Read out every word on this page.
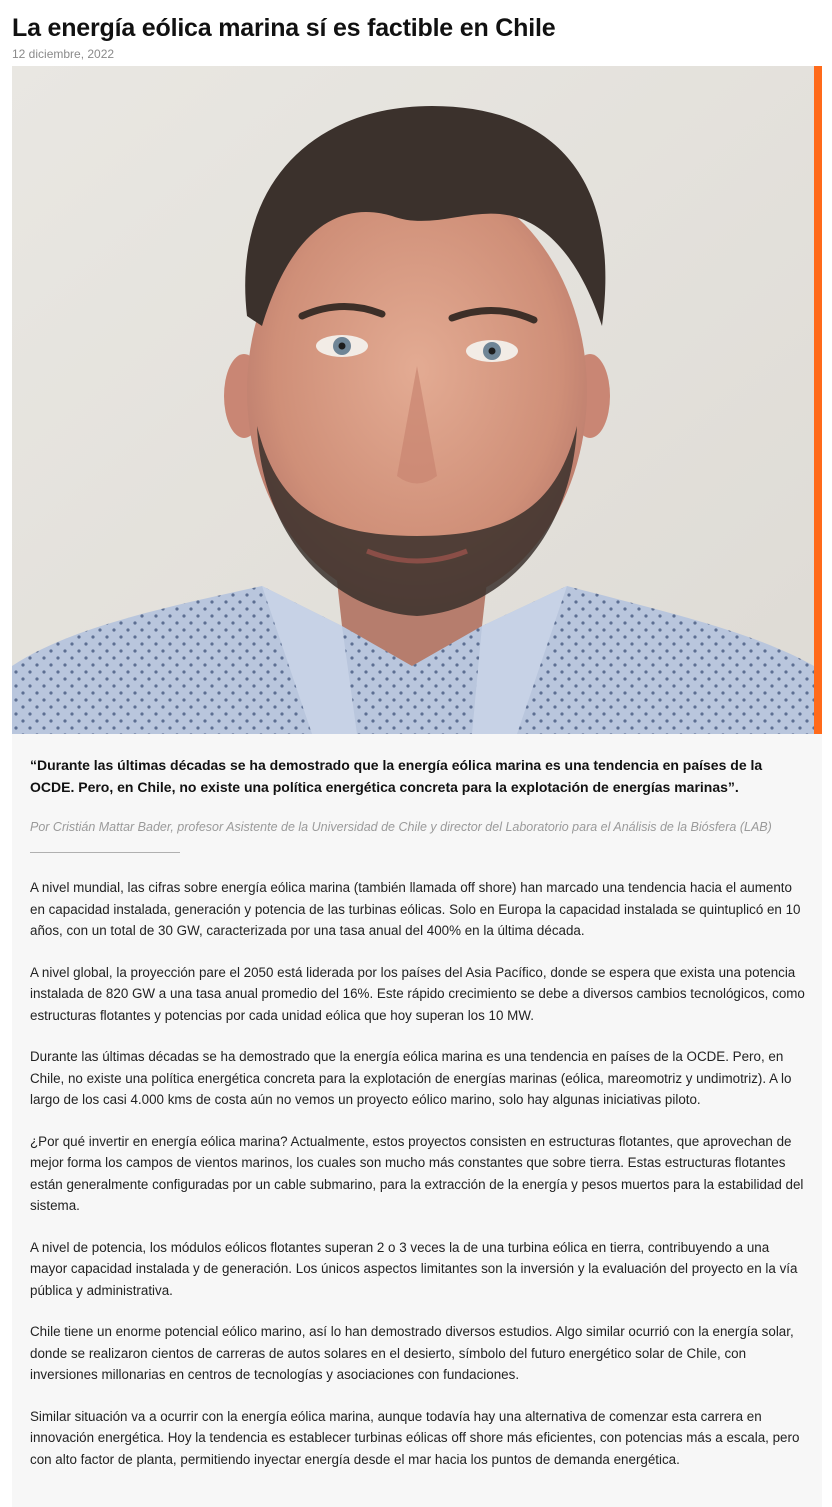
La energía eólica marina sí es factible en Chile
12 diciembre, 2022

“Durante las últimas décadas se ha demostrado que la energía eólica marina es una tendencia en países de la OCDE. Pero, en Chile, no existe una política energética concreta para la explotación de energías marinas”.

Por Cristián Mattar Bader, profesor Asistente de la Universidad de Chile y director del Laboratorio para el Análisis de la Biósfera (LAB)

A nivel mundial, las cifras sobre energía eólica marina (también llamada off shore) han marcado una tendencia hacia el aumento en capacidad instalada, generación y potencia de las turbinas eólicas. Solo en Europa la capacidad instalada se quintuplicó en 10 años, con un total de 30 GW, caracterizada por una tasa anual del 400% en la última década.

A nivel global, la proyección pare el 2050 está liderada por los países del Asia Pacífico, donde se espera que exista una potencia instalada de 820 GW a una tasa anual promedio del 16%. Este rápido crecimiento se debe a diversos cambios tecnológicos, como estructuras flotantes y potencias por cada unidad eólica que hoy superan los 10 MW.

Durante las últimas décadas se ha demostrado que la energía eólica marina es una tendencia en países de la OCDE. Pero, en Chile, no existe una política energética concreta para la explotación de energías marinas (eólica, mareomotriz y undimotriz). A lo largo de los casi 4.000 kms de costa aún no vemos un proyecto eólico marino, solo hay algunas iniciativas piloto.

¿Por qué invertir en energía eólica marina? Actualmente, estos proyectos consisten en estructuras flotantes, que aprovechan de mejor forma los campos de vientos marinos, los cuales son mucho más constantes que sobre tierra. Estas estructuras flotantes están generalmente configuradas por un cable submarino, para la extracción de la energía y pesos muertos para la estabilidad del sistema.

A nivel de potencia, los módulos eólicos flotantes superan 2 o 3 veces la de una turbina eólica en tierra, contribuyendo a una mayor capacidad instalada y de generación. Los únicos aspectos limitantes son la inversión y la evaluación del proyecto en la vía pública y administrativa.

Chile tiene un enorme potencial eólico marino, así lo han demostrado diversos estudios. Algo similar ocurrió con la energía solar, donde se realizaron cientos de carreras de autos solares en el desierto, símbolo del futuro energético solar de Chile, con inversiones millonarias en centros de tecnologías y asociaciones con fundaciones.

Similar situación va a ocurrir con la energía eólica marina, aunque todavía hay una alternativa de comenzar esta carrera en innovación energética. Hoy la tendencia es establecer turbinas eólicas off shore más eficientes, con potencias más a escala, pero con alto factor de planta, permitiendo inyectar energía desde el mar hacia los puntos de demanda energética.
